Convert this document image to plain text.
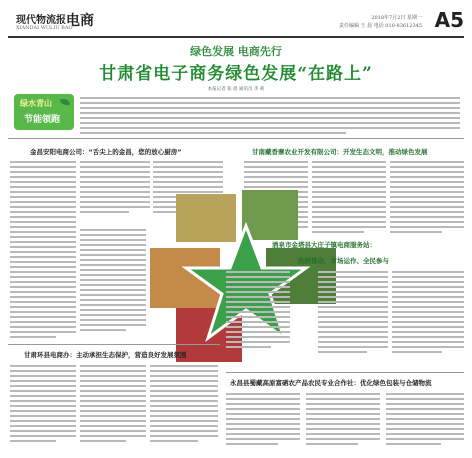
现代物流报
XIANDAI WULIU BAO
电商	2018年7月2日 星期一
责任编辑 王 晨 电话 010-83612345 A5
绿色发展 电商先行
甘肃省电子商务绿色发展“在路上”
本报记者 张 晨 通讯员 李 莉
绿水青山
节能领跑
金昌安阳电商公司：“舌尖上的金昌，您的放心厨房”	甘南藏香寨农业开发有限公司：开发生态文明，推动绿色发展
酒泉市金塔县大庄子镇电商服务站：
政府推动、市场运作、全民参与
甘肃环县电商办：主动承担生态保护，营造良好发展氛围
永昌县蜀藏高原富硒农产品农民专业合作社：优化绿色包装与仓储物流
